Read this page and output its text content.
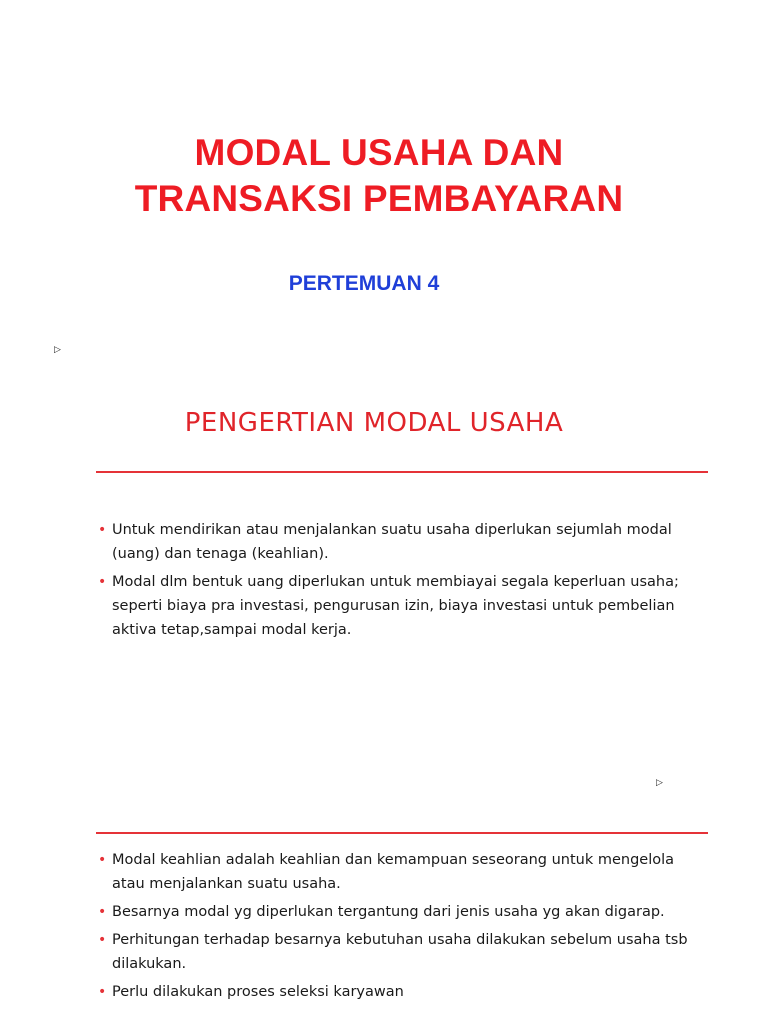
MODAL USAHA DAN
TRANSAKSI PEMBAYARAN
PERTEMUAN 4
▷
PENGERTIAN MODAL USAHA
• Untuk mendirikan atau menjalankan suatu usaha diperlukan sejumlah modal (uang) dan tenaga (keahlian).
• Modal dlm bentuk uang diperlukan untuk membiayai segala keperluan usaha; seperti biaya pra investasi, pengurusan izin, biaya investasi untuk pembelian aktiva tetap,sampai modal kerja.
▷
• Modal keahlian adalah keahlian dan kemampuan seseorang untuk mengelola atau menjalankan suatu usaha.
• Besarnya modal yg diperlukan tergantung dari jenis usaha yg akan digarap.
• Perhitungan terhadap besarnya kebutuhan usaha dilakukan sebelum usaha tsb dilakukan.
• Perlu dilakukan proses seleksi karyawan
